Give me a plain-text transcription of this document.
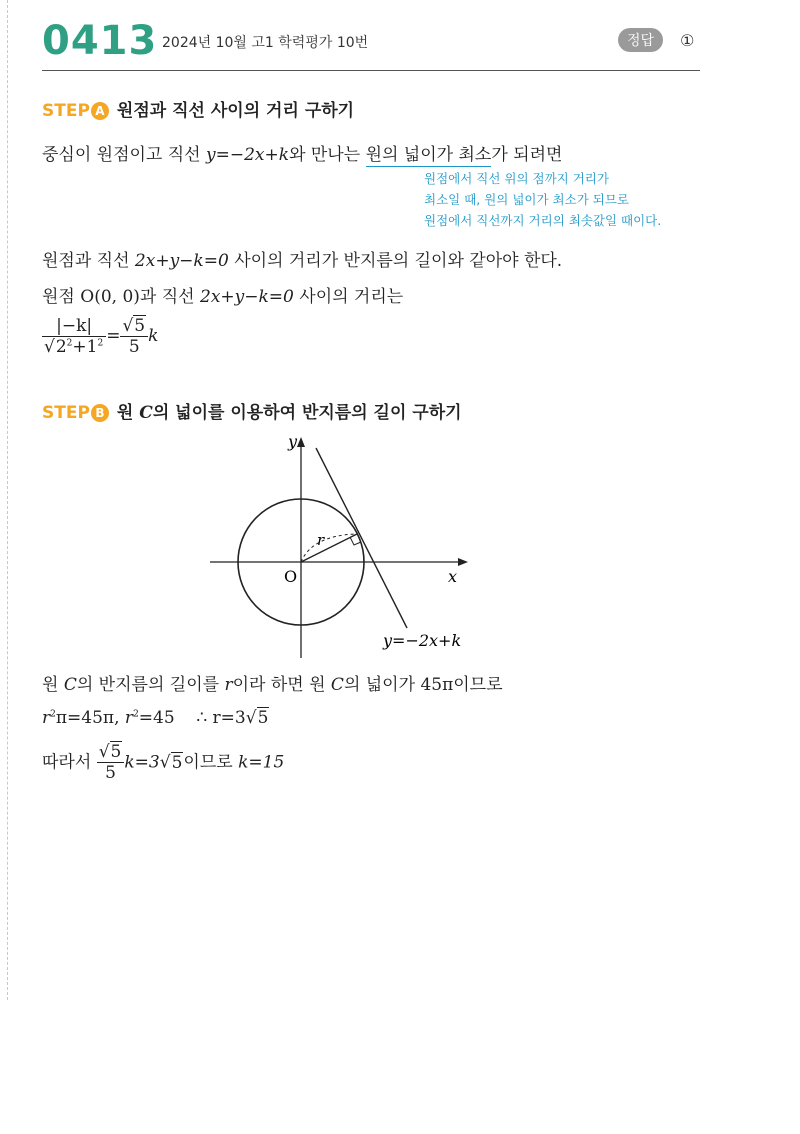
0413 2024년 10월 고1 학력평가 10번	정답	①
STEP A 원점과 직선 사이의 거리 구하기
중심이 원점이고 직선 y=−2x+k와 만나는 원의 넓이가 최소가 되려면
원점에서 직선 위의 점까지 거리가
최소일 때, 원의 넓이가 최소가 되므로
원점에서 직선까지 거리의 최솟값일 때이다.
원점과 직선 2x+y−k=0 사이의 거리가 반지름의 길이와 같아야 한다.
원점 O(0, 0)과 직선 2x+y−k=0 사이의 거리는
$\frac{|-k|}{√2^2+1^2} = \frac{√5}{5}$ k
STEP B 원 C의 넓이를 이용하여 반지름의 길이 구하기
y
x
O
r
y=−2x+k
원 C의 반지름의 길이를 r이라 하면 원 C의 넓이가 45π이므로
$r^2\pi=45\pi$, $r^2=45$ ∴ r=3√5
따라서 $\frac{√5}{5} k=3√5$이므로 k=15
